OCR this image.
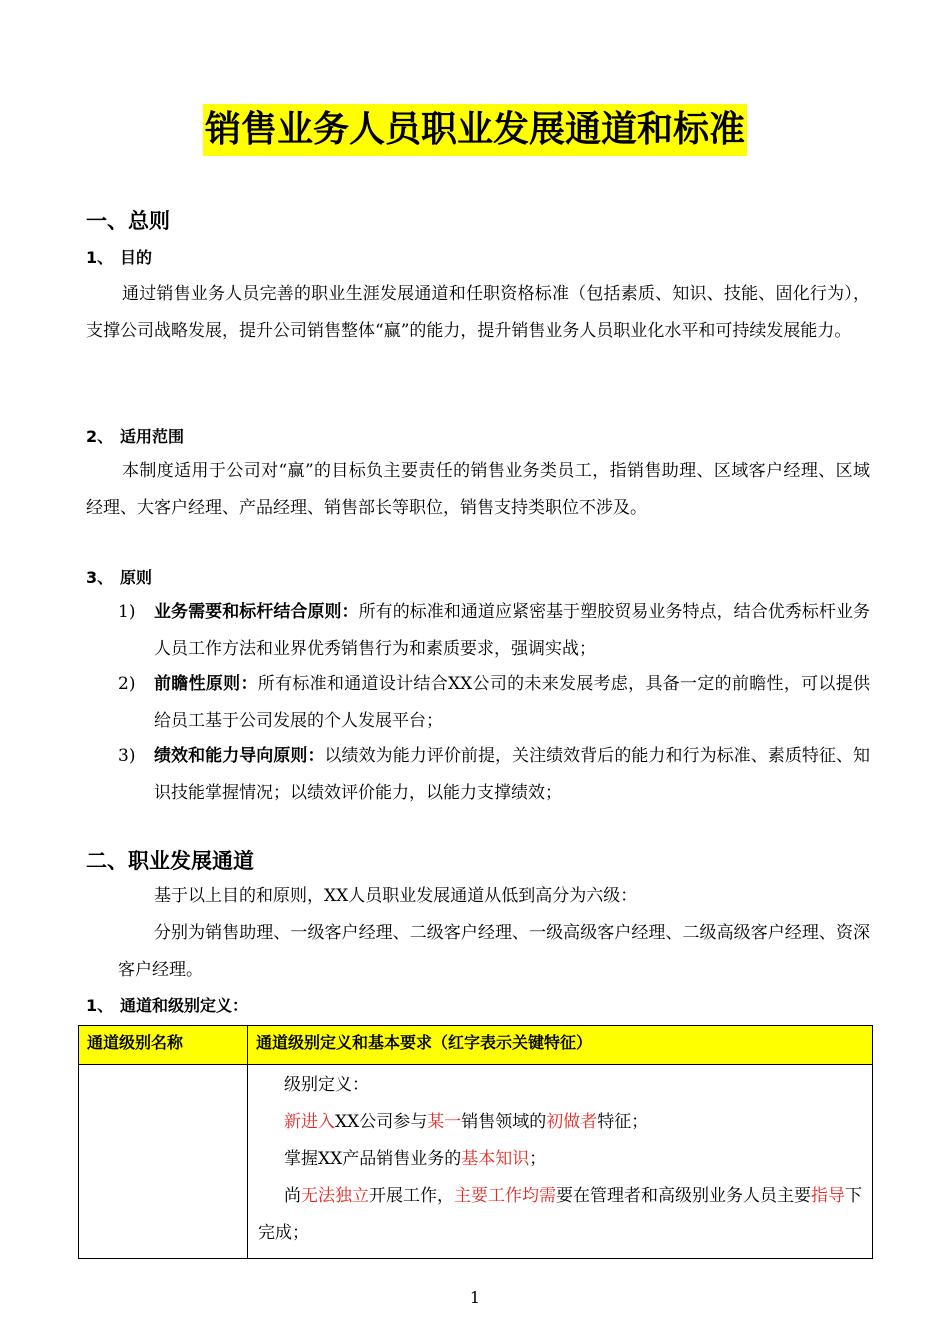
销售业务人员职业发展通道和标准
一、总则
1、 目的
通过销售业务人员完善的职业生涯发展通道和任职资格标准（包括素质、知识、技能、固化行为），支撑公司战略发展，提升公司销售整体“赢”的能力，提升销售业务人员职业化水平和可持续发展能力。
2、 适用范围
本制度适用于公司对“赢”的目标负主要责任的销售业务类员工，指销售助理、区域客户经理、区域经理、大客户经理、产品经理、销售部长等职位，销售支持类职位不涉及。
3、 原则
1)	业务需要和标杆结合原则：所有的标准和通道应紧密基于塑胶贸易业务特点，结合优秀标杆业务人员工作方法和业界优秀销售行为和素质要求，强调实战；
2)	前瞻性原则：所有标准和通道设计结合XX公司的未来发展考虑，具备一定的前瞻性，可以提供给员工基于公司发展的个人发展平台；
3)	绩效和能力导向原则：以绩效为能力评价前提，关注绩效背后的能力和行为标准、素质特征、知识技能掌握情况；以绩效评价能力，以能力支撑绩效；
二、职业发展通道
基于以上目的和原则，XX人员职业发展通道从低到高分为六级：
分别为销售助理、一级客户经理、二级客户经理、一级高级客户经理、二级高级客户经理、资深客户经理。
1、 通道和级别定义：
通道级别名称	通道级别定义和基本要求（红字表示关键特征）

	级别定义：

新进入XX公司参与某一销售领域的初做者特征；

掌握XX产品销售业务的基本知识；

尚无法独立开展工作，主要工作均需要在管理者和高级别业务人员主要指导下完成；

1
